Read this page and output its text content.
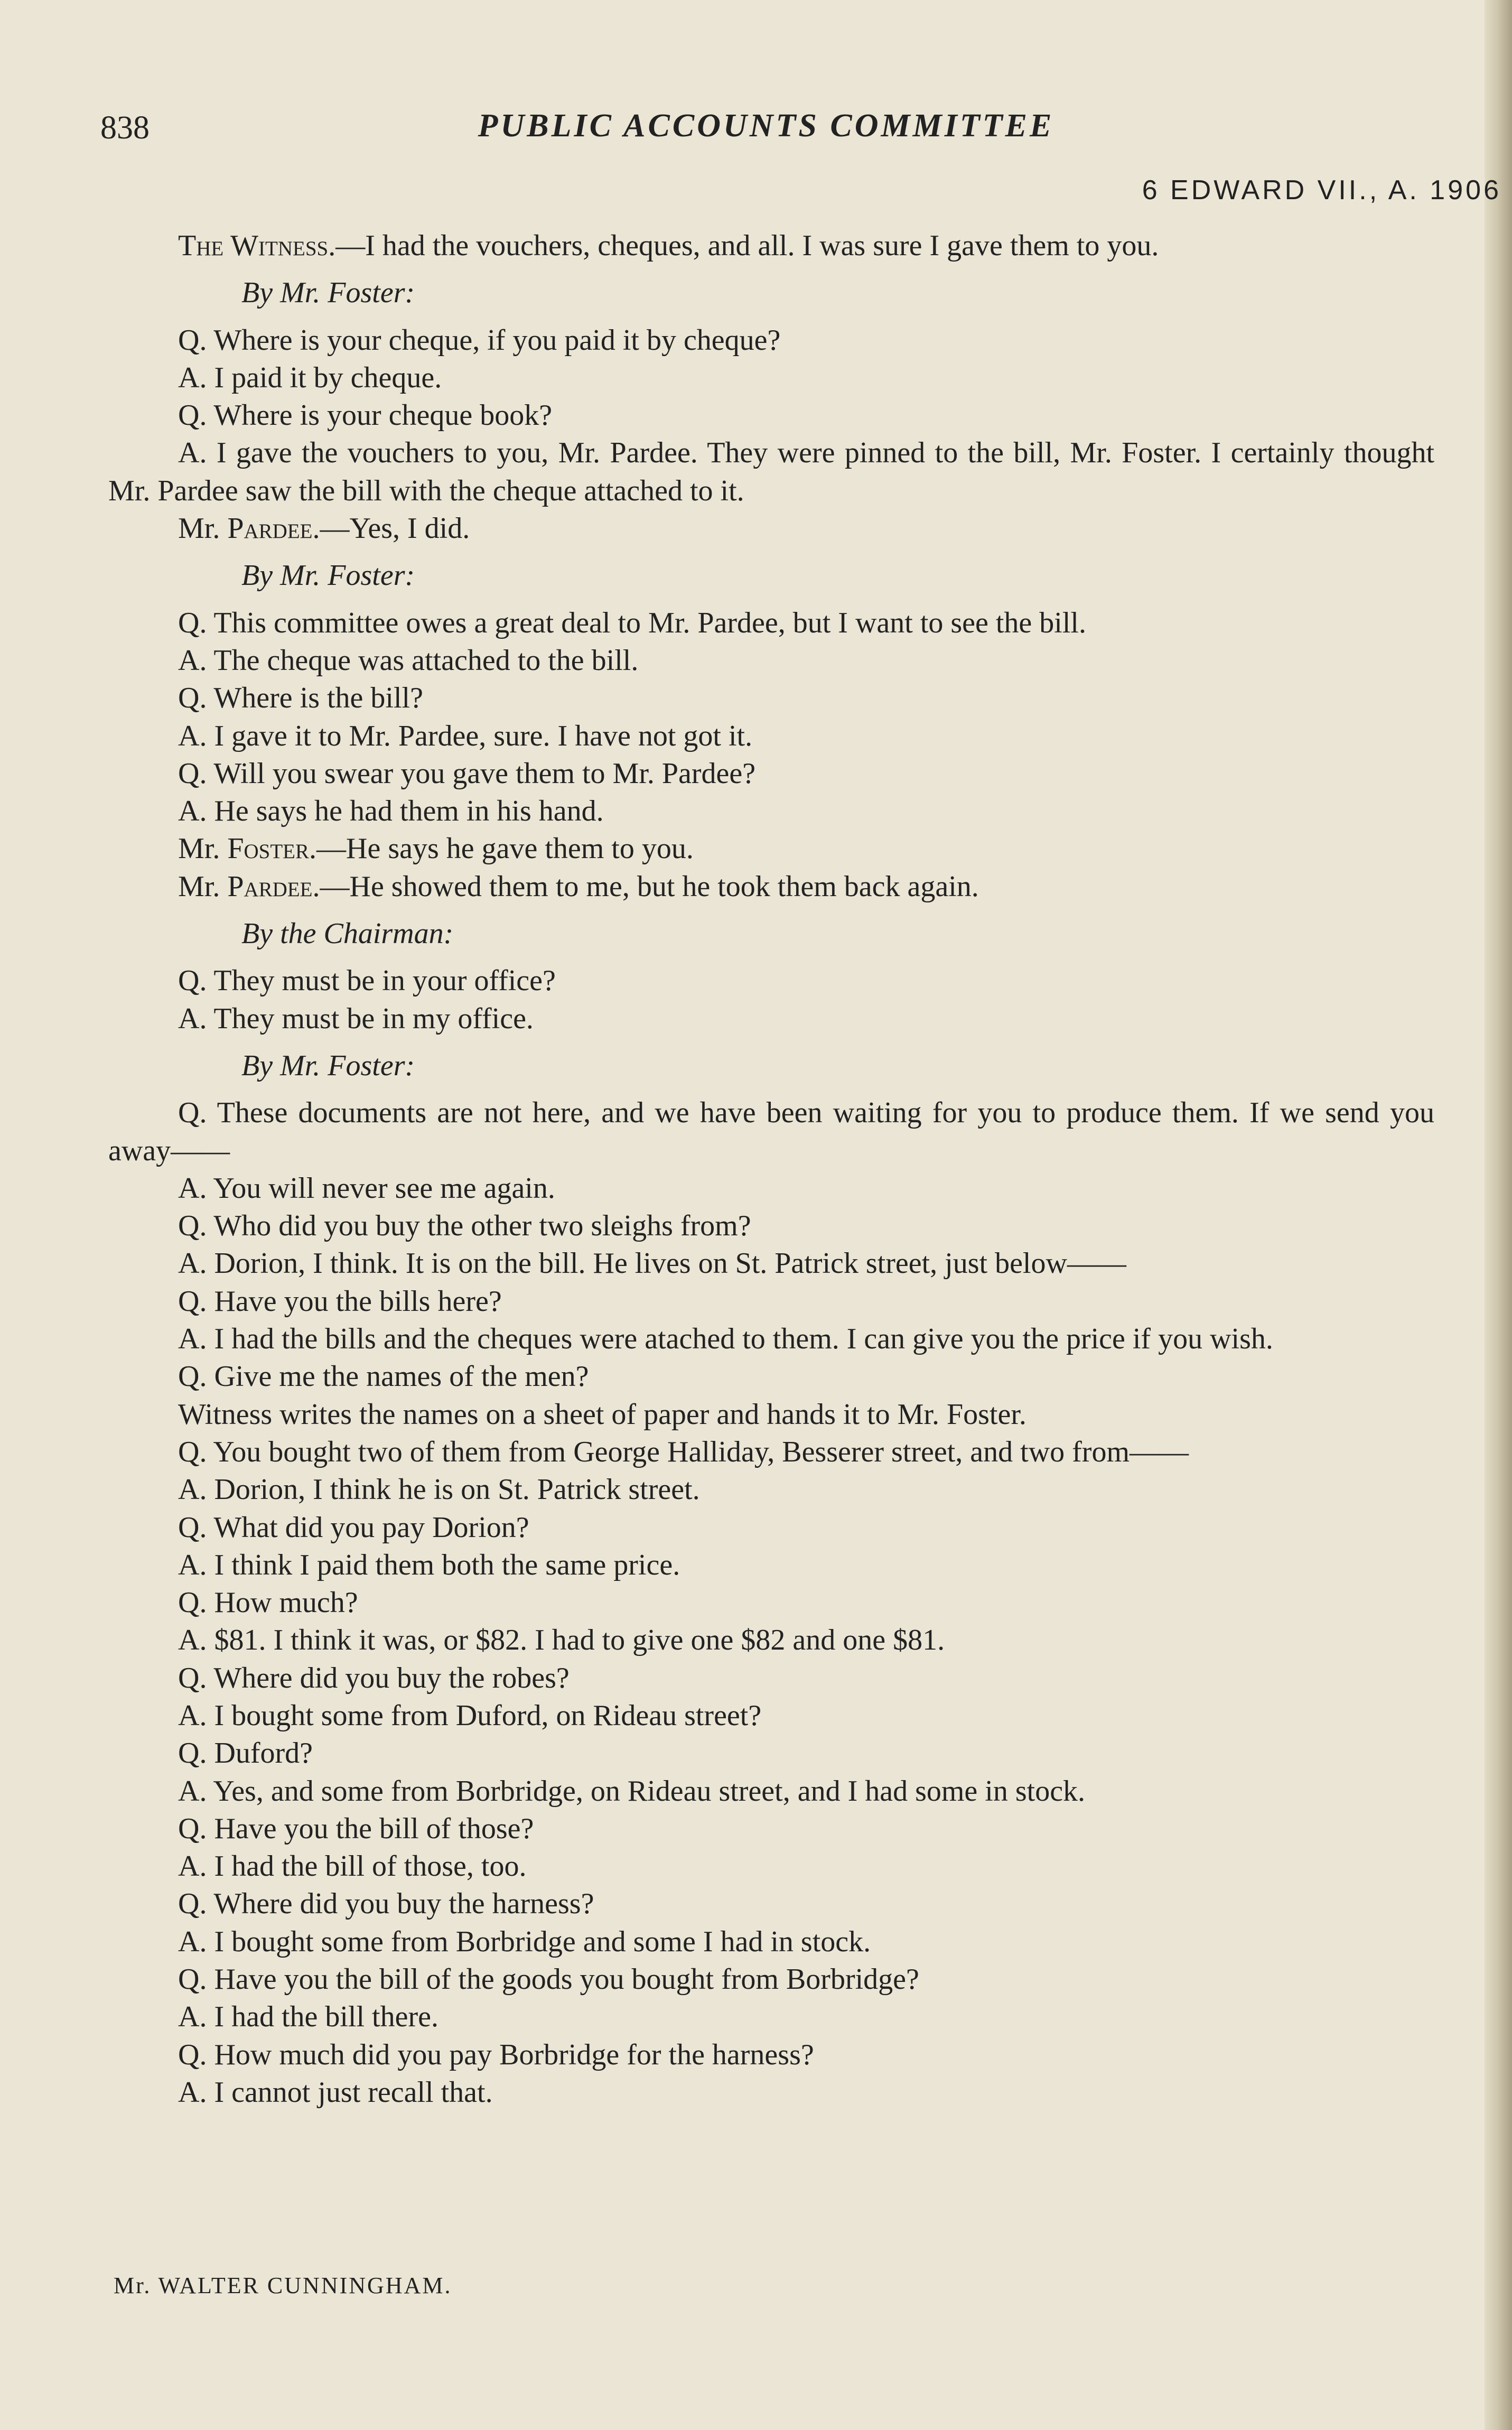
838	PUBLIC ACCOUNTS COMMITTEE
6 EDWARD VII., A. 1906

The Witness.—I had the vouchers, cheques, and all. I was sure I gave them to you.

By Mr. Foster:

Q. Where is your cheque, if you paid it by cheque?

A. I paid it by cheque.

Q. Where is your cheque book?

A. I gave the vouchers to you, Mr. Pardee. They were pinned to the bill, Mr. Foster. I certainly thought Mr. Pardee saw the bill with the cheque attached to it.

Mr. Pardee.—Yes, I did.

By Mr. Foster:

Q. This committee owes a great deal to Mr. Pardee, but I want to see the bill.

A. The cheque was attached to the bill.

Q. Where is the bill?

A. I gave it to Mr. Pardee, sure. I have not got it.

Q. Will you swear you gave them to Mr. Pardee?

A. He says he had them in his hand.

Mr. Foster.—He says he gave them to you.

Mr. Pardee.—He showed them to me, but he took them back again.

By the Chairman:

Q. They must be in your office?

A. They must be in my office.

By Mr. Foster:

Q. These documents are not here, and we have been waiting for you to produce them. If we send you away——

A. You will never see me again.

Q. Who did you buy the other two sleighs from?

A. Dorion, I think. It is on the bill. He lives on St. Patrick street, just below——

Q. Have you the bills here?

A. I had the bills and the cheques were atached to them. I can give you the price if you wish.

Q. Give me the names of the men?

Witness writes the names on a sheet of paper and hands it to Mr. Foster.

Q. You bought two of them from George Halliday, Besserer street, and two from——

A. Dorion, I think he is on St. Patrick street.

Q. What did you pay Dorion?

A. I think I paid them both the same price.

Q. How much?

A. $81. I think it was, or $82. I had to give one $82 and one $81.

Q. Where did you buy the robes?

A. I bought some from Duford, on Rideau street?

Q. Duford?

A. Yes, and some from Borbridge, on Rideau street, and I had some in stock.

Q. Have you the bill of those?

A. I had the bill of those, too.

Q. Where did you buy the harness?

A. I bought some from Borbridge and some I had in stock.

Q. Have you the bill of the goods you bought from Borbridge?

A. I had the bill there.

Q. How much did you pay Borbridge for the harness?

A. I cannot just recall that.

Mr. WALTER CUNNINGHAM.
